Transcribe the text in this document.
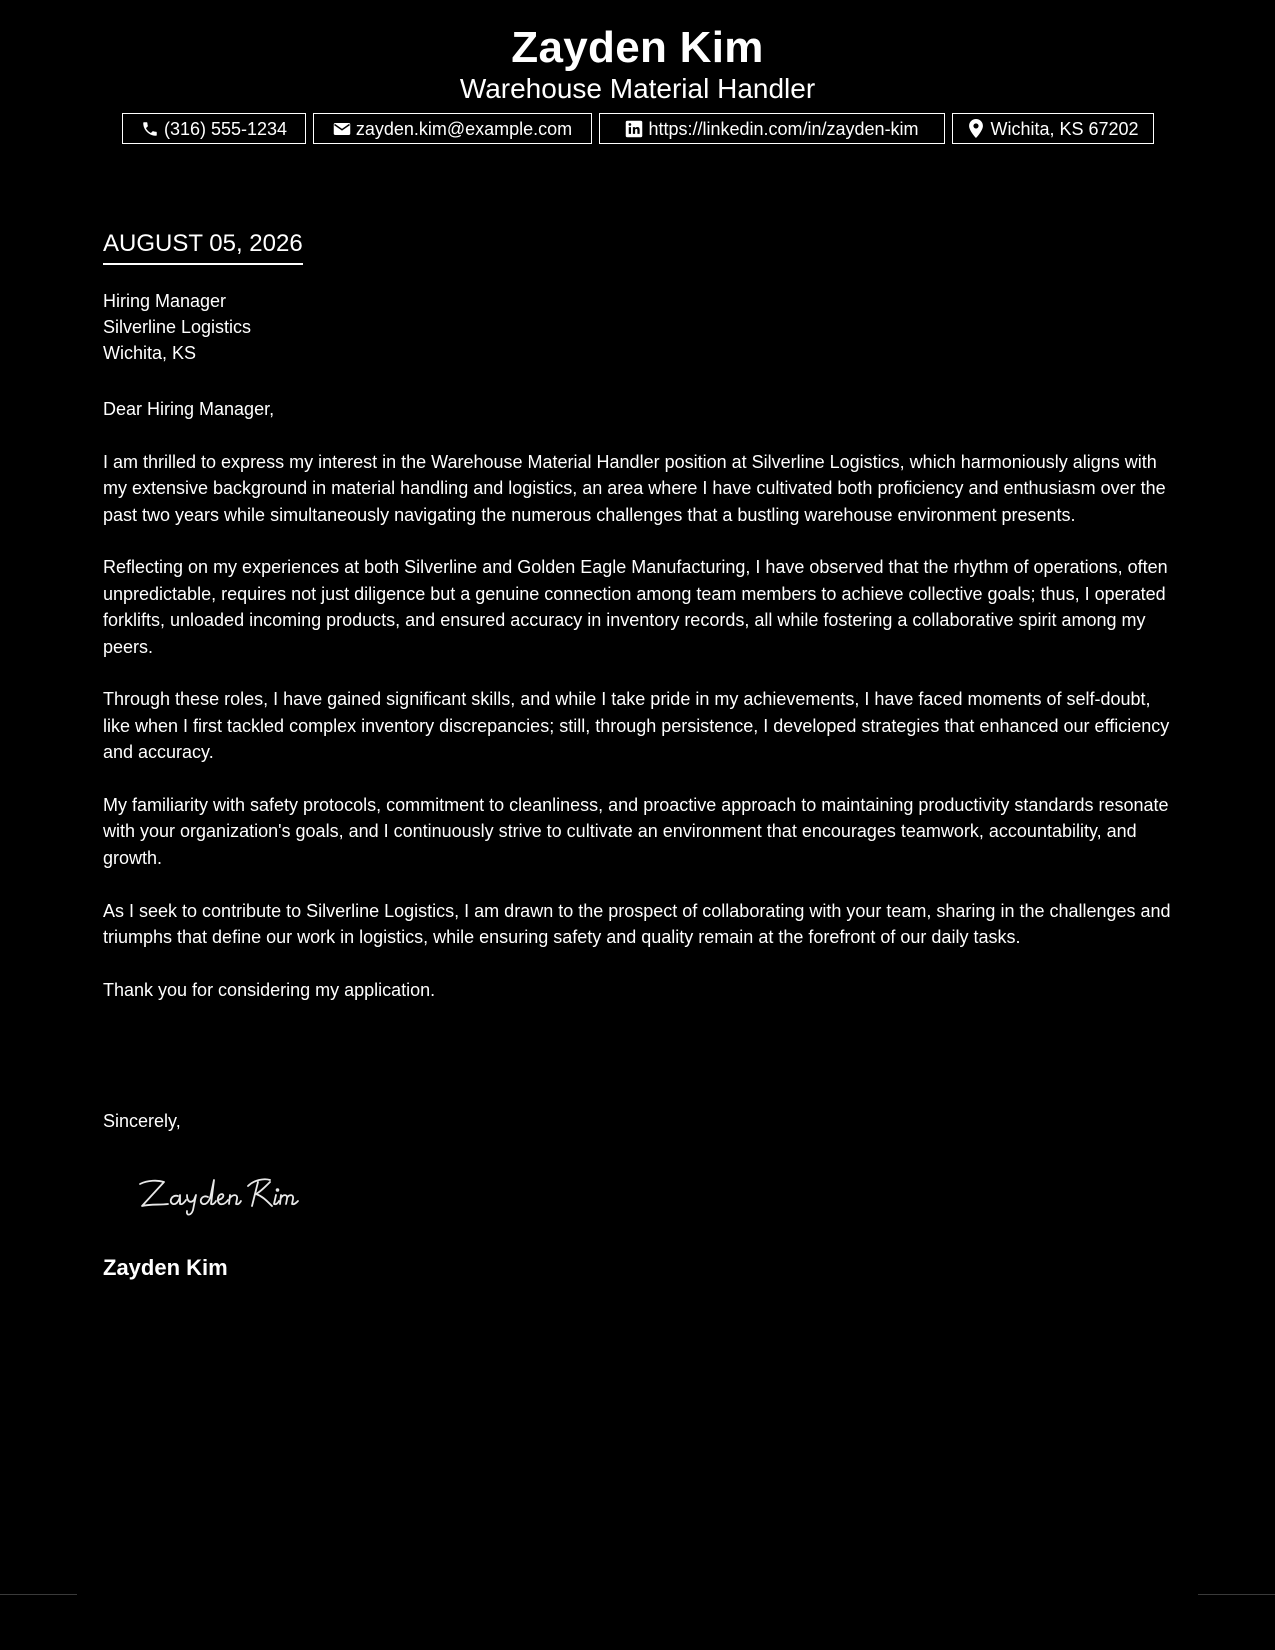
Zayden Kim
Warehouse Material Handler
(316) 555-1234	zayden.kim@example.com	https://linkedin.com/in/zayden-kim	Wichita, KS 67202
AUGUST 05, 2026
Hiring Manager
Silverline Logistics
Wichita, KS

Dear Hiring Manager,

I am thrilled to express my interest in the Warehouse Material Handler position at Silverline Logistics, which harmoniously aligns with my extensive background in material handling and logistics, an area where I have cultivated both proficiency and enthusiasm over the past two years while simultaneously navigating the numerous challenges that a bustling warehouse environment presents.

Reflecting on my experiences at both Silverline and Golden Eagle Manufacturing, I have observed that the rhythm of operations, often unpredictable, requires not just diligence but a genuine connection among team members to achieve collective goals; thus, I operated forklifts, unloaded incoming products, and ensured accuracy in inventory records, all while fostering a collaborative spirit among my peers.

Through these roles, I have gained significant skills, and while I take pride in my achievements, I have faced moments of self-doubt, like when I first tackled complex inventory discrepancies; still, through persistence, I developed strategies that enhanced our efficiency and accuracy.

My familiarity with safety protocols, commitment to cleanliness, and proactive approach to maintaining productivity standards resonate with your organization's goals, and I continuously strive to cultivate an environment that encourages teamwork, accountability, and growth.

As I seek to contribute to Silverline Logistics, I am drawn to the prospect of collaborating with your team, sharing in the challenges and triumphs that define our work in logistics, while ensuring safety and quality remain at the forefront of our daily tasks.

Thank you for considering my application.

Sincerely,
Zayden Kim
